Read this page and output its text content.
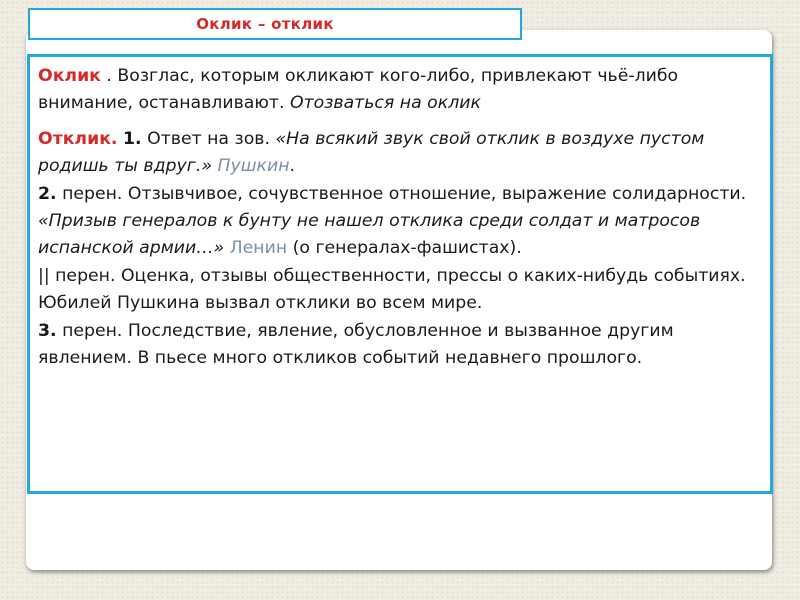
Оклик – отклик

Оклик . Возглас, которым окликают кого-либо, привлекают чьё-либо внимание, останавливают. Отозваться на оклик

Отклик. 1. Ответ на зов. «На всякий звук свой отклик в воздухе пустом родишь ты вдруг.» Пушкин.
2. перен. Отзывчивое, сочувственное отношение, выражение солидарности. «Призыв генералов к бунту не нашел отклика среди солдат и матросов испанской армии…» Ленин (о генералах-фашистах).
|| перен. Оценка, отзывы общественности, прессы о каких-нибудь событиях. Юбилей Пушкина вызвал отклики во всем мире.
3. перен. Последствие, явление, обусловленное и вызванное другим явлением. В пьесе много откликов событий недавнего прошлого.
